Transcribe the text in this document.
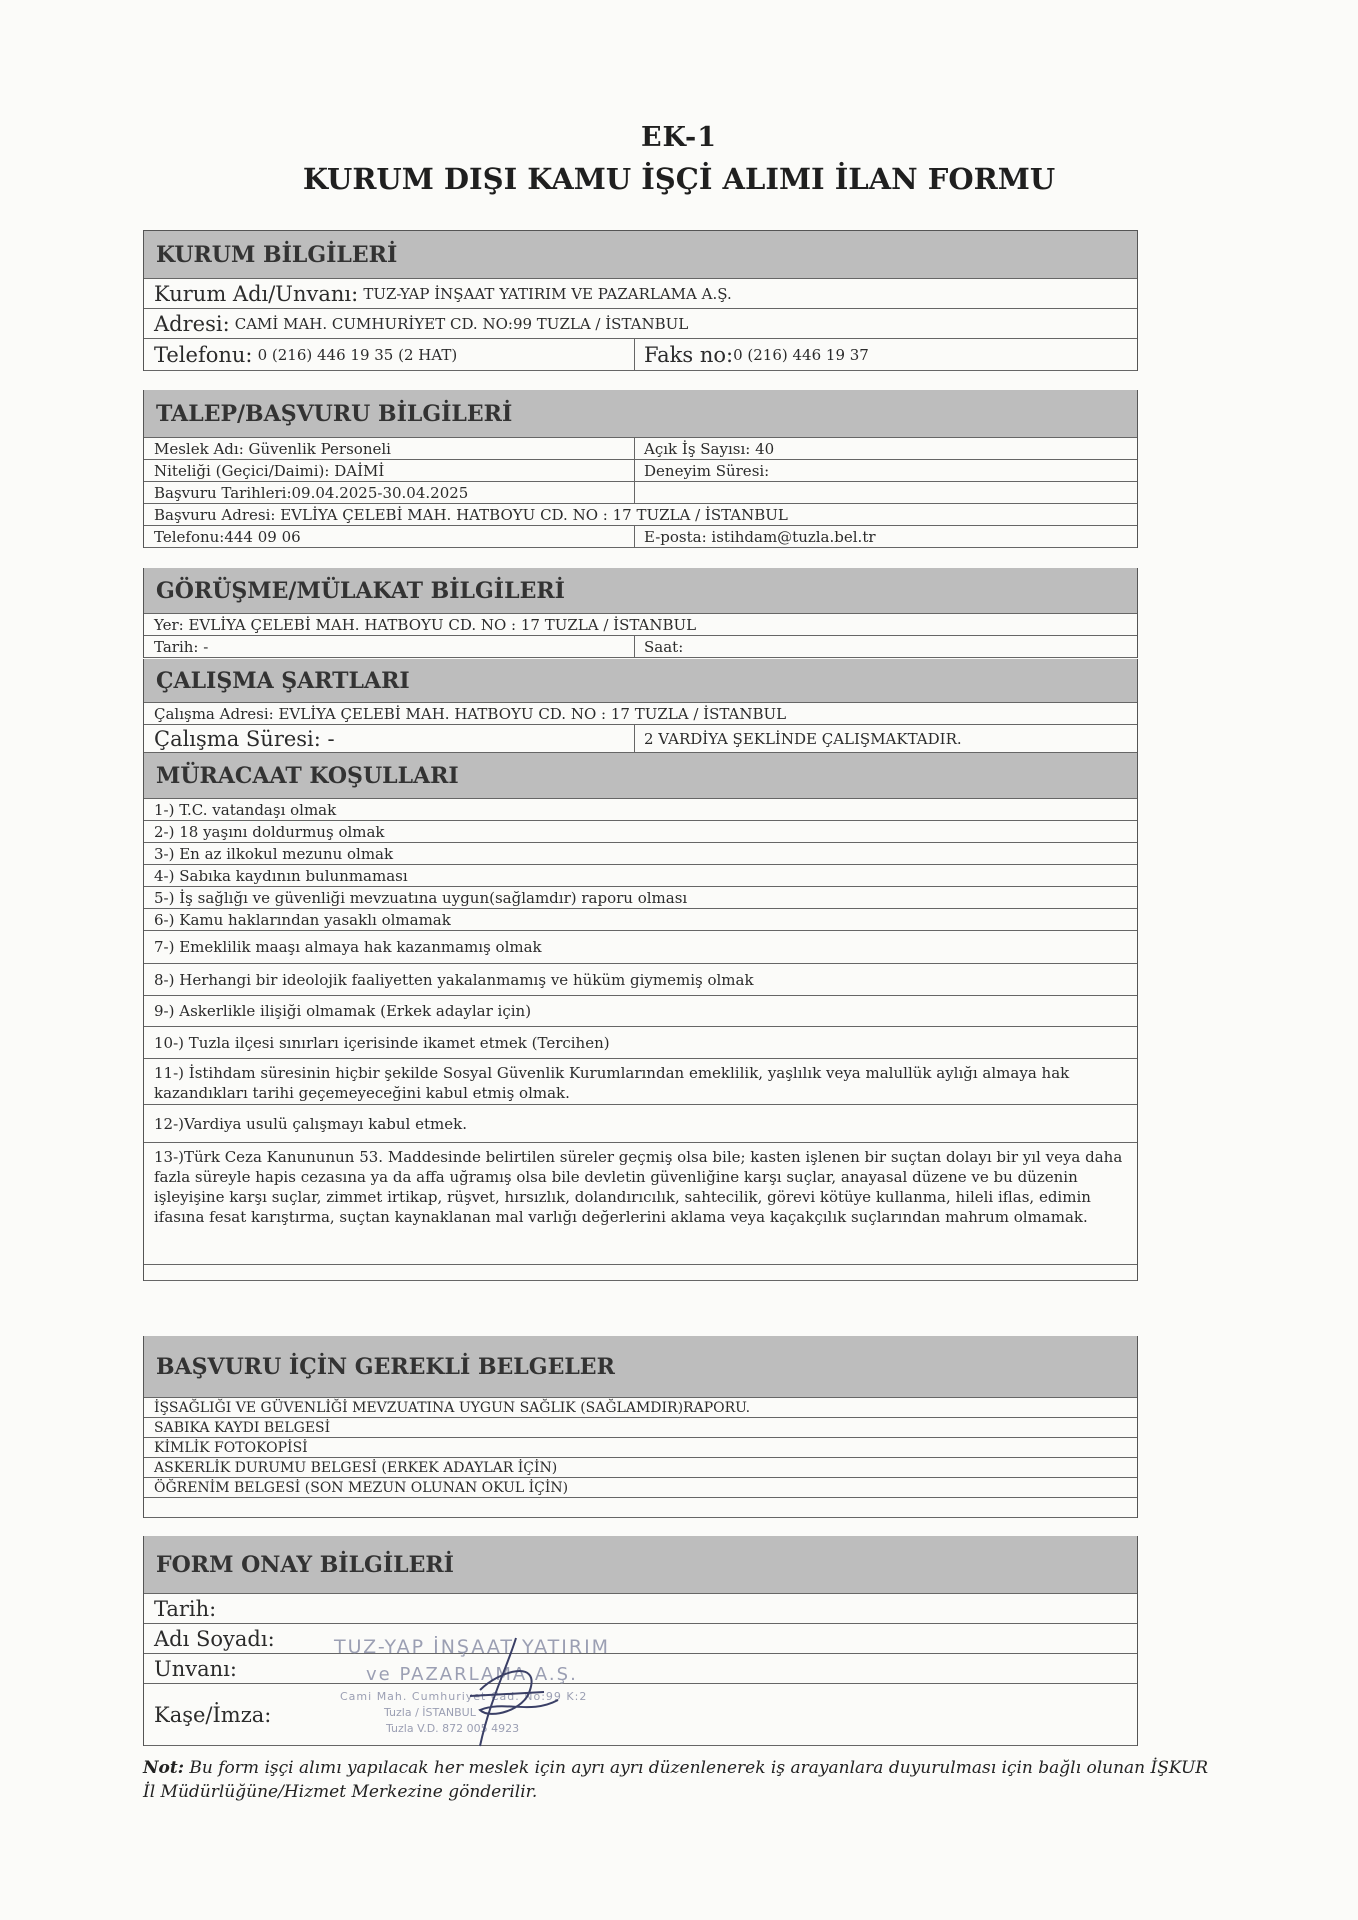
EK-1
KURUM DIŞI KAMU İŞÇİ ALIMI İLAN FORMU
KURUM BİLGİLERİ
Kurum Adı/Unvanı:
TUZ-YAP İNŞAAT YATIRIM VE PAZARLAMA A.Ş.
Adresi:
CAMİ MAH. CUMHURİYET CD. NO:99 TUZLA / İSTANBUL
Telefonu:
0 (216) 446 19 35 (2 HAT)	Faks no: 0 (216) 446 19 37
TALEP/BAŞVURU BİLGİLERİ
Meslek Adı: Güvenlik Personeli	Açık İş Sayısı: 40
Niteliği (Geçici/Daimi): DAİMİ	Deneyim Süresi:
Başvuru Tarihleri:09.04.2025-30.04.2025
Başvuru Adresi: EVLİYA ÇELEBİ MAH. HATBOYU CD. NO : 17 TUZLA / İSTANBUL
Telefonu:444 09 06	E-posta: istihdam@tuzla.bel.tr
GÖRÜŞME/MÜLAKAT BİLGİLERİ
Yer: EVLİYA ÇELEBİ MAH. HATBOYU CD. NO : 17 TUZLA / İSTANBUL
Tarih: -	Saat:
ÇALIŞMA ŞARTLARI
Çalışma Adresi: EVLİYA ÇELEBİ MAH. HATBOYU CD. NO : 17 TUZLA / İSTANBUL
Çalışma Süresi: -	2 VARDİYA ŞEKLİNDE ÇALIŞMAKTADIR.
MÜRACAAT KOŞULLARI
1-) T.C. vatandaşı olmak
2-) 18 yaşını doldurmuş olmak
3-) En az ilkokul mezunu olmak
4-) Sabıka kaydının bulunmaması
5-) İş sağlığı ve güvenliği mevzuatına uygun(sağlamdır) raporu olması
6-) Kamu haklarından yasaklı olmamak
7-) Emeklilik maaşı almaya hak kazanmamış olmak
8-) Herhangi bir ideolojik faaliyetten yakalanmamış ve hüküm giymemiş olmak
9-) Askerlikle ilişiği olmamak (Erkek adaylar için)
10-) Tuzla ilçesi sınırları içerisinde ikamet etmek (Tercihen)
11-) İstihdam süresinin hiçbir şekilde Sosyal Güvenlik Kurumlarından emeklilik, yaşlılık veya malullük aylığı almaya hak kazandıkları tarihi geçemeyeceğini kabul etmiş olmak.
12-)Vardiya usulü çalışmayı kabul etmek.
13-)Türk Ceza Kanununun 53. Maddesinde belirtilen süreler geçmiş olsa bile; kasten işlenen bir suçtan dolayı bir yıl veya daha fazla süreyle hapis cezasına ya da affa uğramış olsa bile devletin güvenliğine karşı suçlar, anayasal düzene ve bu düzenin işleyişine karşı suçlar, zimmet irtikap, rüşvet, hırsızlık, dolandırıcılık, sahtecilik, görevi kötüye kullanma, hileli iflas, edimin ifasına fesat karıştırma, suçtan kaynaklanan mal varlığı değerlerini aklama veya kaçakçılık suçlarından mahrum olmamak.
BAŞVURU İÇİN GEREKLİ BELGELER
İŞSAĞLIĞI VE GÜVENLİĞİ MEVZUATINA UYGUN SAĞLIK (SAĞLAMDIR)RAPORU.
SABIKA KAYDI BELGESİ
KİMLİK FOTOKOPİSİ
ASKERLİK DURUMU BELGESİ (ERKEK ADAYLAR İÇİN)
ÖĞRENİM BELGESİ (SON MEZUN OLUNAN OKUL İÇİN)
FORM ONAY BİLGİLERİ
Tarih:
Adı Soyadı:
Unvanı:
Kaşe/İmza:
TUZ-YAP İNŞAAT YATIRIM
ve PAZARLAMA A.Ş.
Cami Mah. Cumhuriyet Cad. No:99 K:2
Tuzla / İSTANBUL
Tuzla V.D. 872 005 4923
Not: Bu form işçi alımı yapılacak her meslek için ayrı ayrı düzenlenerek iş arayanlara duyurulması için bağlı olunan İŞKUR İl Müdürlüğüne/Hizmet Merkezine gönderilir.
